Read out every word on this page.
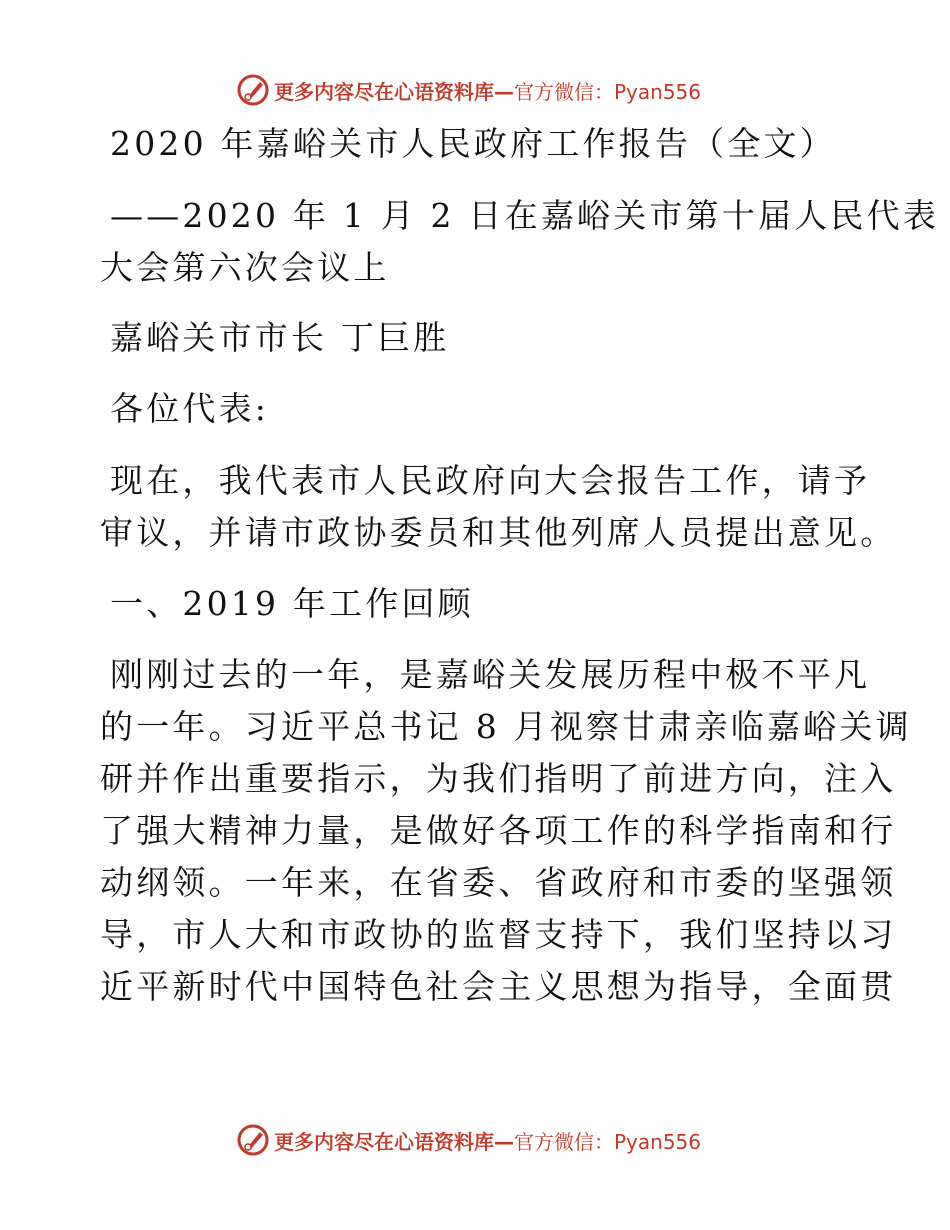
更多内容尽在心语资料库—官方微信：Pyan556
2020 年嘉峪关市人民政府工作报告（全文）
——2020 年 1 月 2 日在嘉峪关市第十届人民代表
大会第六次会议上
嘉峪关市市长 丁巨胜
各位代表:
现在，我代表市人民政府向大会报告工作，请予
审议，并请市政协委员和其他列席人员提出意见。
一、2019 年工作回顾
刚刚过去的一年，是嘉峪关发展历程中极不平凡
的一年。习近平总书记 8 月视察甘肃亲临嘉峪关调
研并作出重要指示，为我们指明了前进方向，注入
了强大精神力量，是做好各项工作的科学指南和行
动纲领。一年来，在省委、省政府和市委的坚强领
导，市人大和市政协的监督支持下，我们坚持以习
近平新时代中国特色社会主义思想为指导，全面贯
更多内容尽在心语资料库—官方微信：Pyan556
